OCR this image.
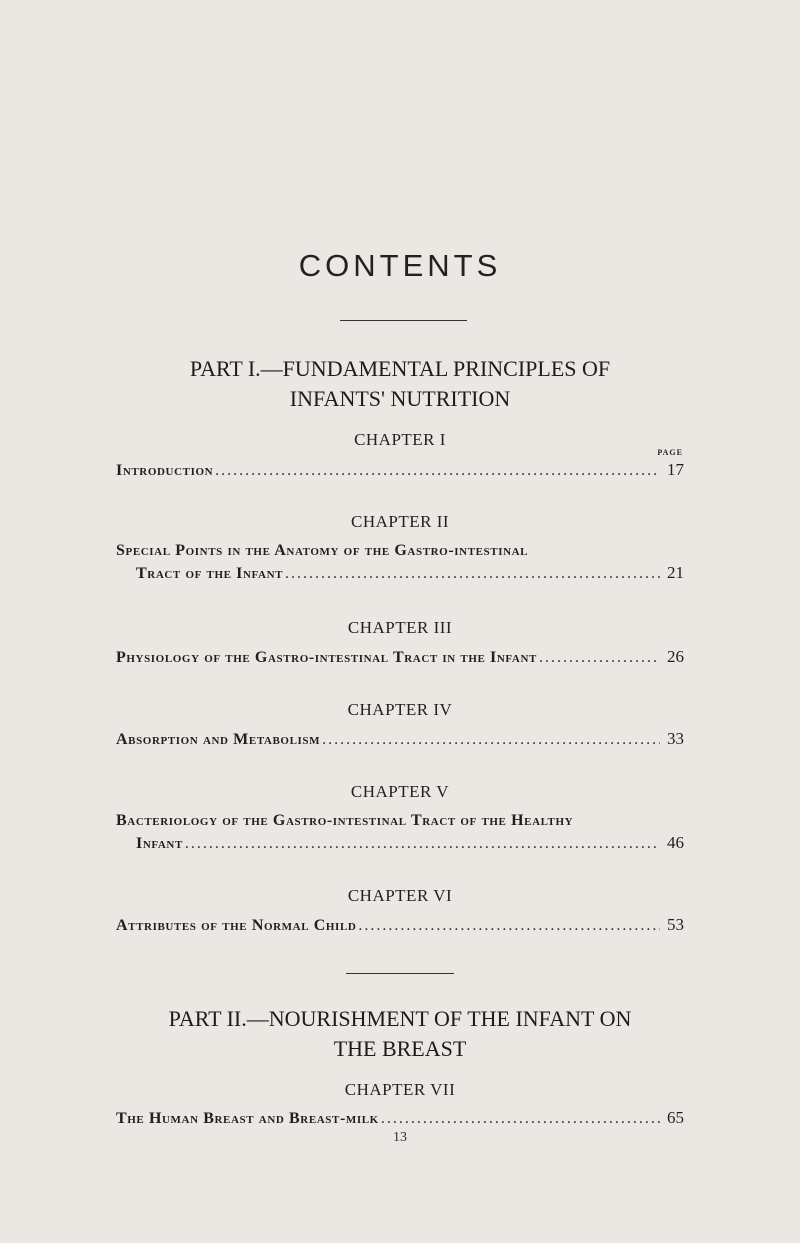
CONTENTS
PART I.—FUNDAMENTAL PRINCIPLES OF
INFANTS' NUTRITION
CHAPTER I
PAGE
Introduction .....	17
CHAPTER II
Special Points in the Anatomy of the Gastro-intestinal
Tract of the Infant .....	21
CHAPTER III
Physiology of the Gastro-intestinal Tract in the Infant .....	26
CHAPTER IV
Absorption and Metabolism .....	33
CHAPTER V
Bacteriology of the Gastro-intestinal Tract of the Healthy
Infant .....	46
CHAPTER VI
Attributes of the Normal Child .....	53
PART II.—NOURISHMENT OF THE INFANT ON
THE BREAST
CHAPTER VII
The Human Breast and Breast-milk .....	65
13
